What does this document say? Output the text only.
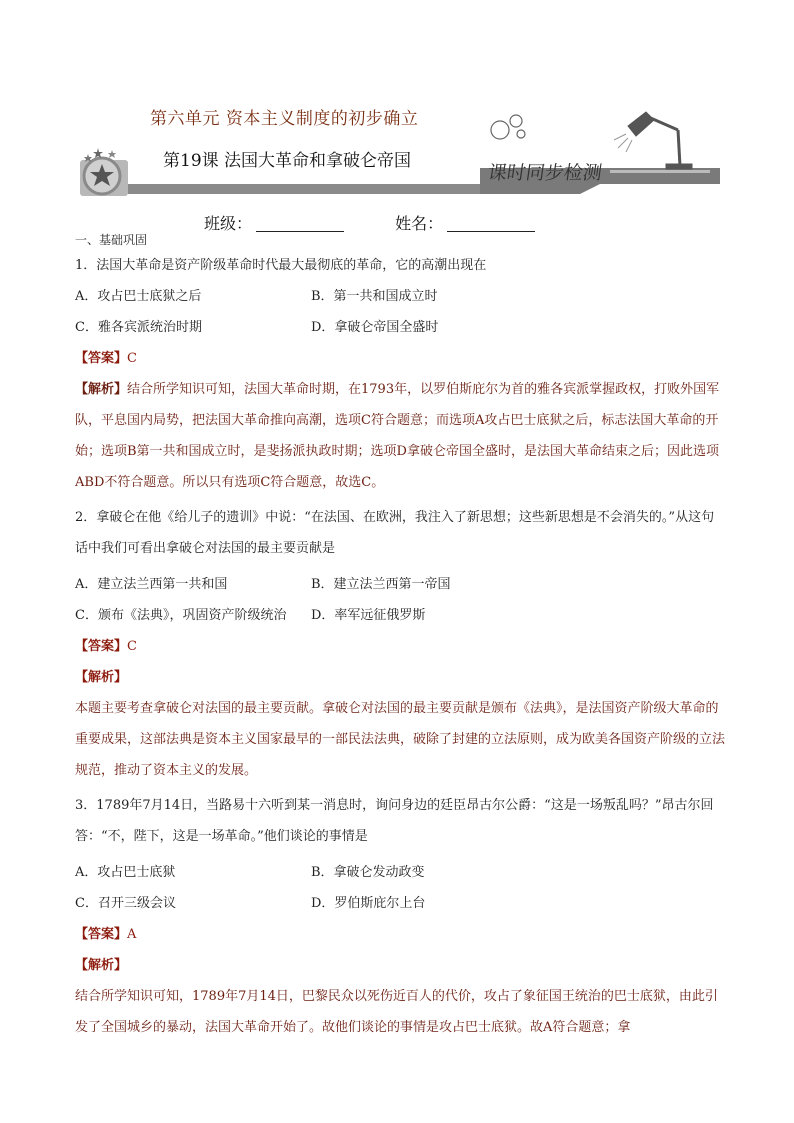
第六单元 资本主义制度的初步确立
第19课 法国大革命和拿破仑帝国
课时同步检测
班级：	姓名：
一、基础巩固
1．法国大革命是资产阶级革命时代最大最彻底的革命，它的高潮出现在
A．攻占巴士底狱之后	B．第一共和国成立时
C．雅各宾派统治时期	D．拿破仑帝国全盛时
【答案】C
【解析】结合所学知识可知，法国大革命时期，在1793年，以罗伯斯庇尔为首的雅各宾派掌握政权，打败外国军队，平息国内局势，把法国大革命推向高潮，选项C符合题意；而选项A攻占巴士底狱之后，标志法国大革命的开始；选项B第一共和国成立时，是斐扬派执政时期；选项D拿破仑帝国全盛时，是法国大革命结束之后；因此选项ABD不符合题意。所以只有选项C符合题意，故选C。
2．拿破仑在他《给儿子的遗训》中说：“在法国、在欧洲，我注入了新思想；这些新思想是不会消失的。”从这句话中我们可看出拿破仑对法国的最主要贡献是
A．建立法兰西第一共和国	B．建立法兰西第一帝国
C．颁布《法典》，巩固资产阶级统治	D．率军远征俄罗斯
【答案】C
【解析】
本题主要考查拿破仑对法国的最主要贡献。拿破仑对法国的最主要贡献是颁布《法典》，是法国资产阶级大革命的重要成果，这部法典是资本主义国家最早的一部民法法典，破除了封建的立法原则，成为欧美各国资产阶级的立法规范，推动了资本主义的发展。
3．1789年7月14日，当路易十六听到某一消息时，询问身边的廷臣昂古尔公爵：“这是一场叛乱吗？”昂古尔回答：“不，陛下，这是一场革命。”他们谈论的事情是
A．攻占巴士底狱	B．拿破仑发动政变
C．召开三级会议	D．罗伯斯庇尔上台
【答案】A
【解析】
结合所学知识可知，1789年7月14日，巴黎民众以死伤近百人的代价，攻占了象征国王统治的巴士底狱，由此引发了全国城乡的暴动，法国大革命开始了。故他们谈论的事情是攻占巴士底狱。故A符合题意；拿
